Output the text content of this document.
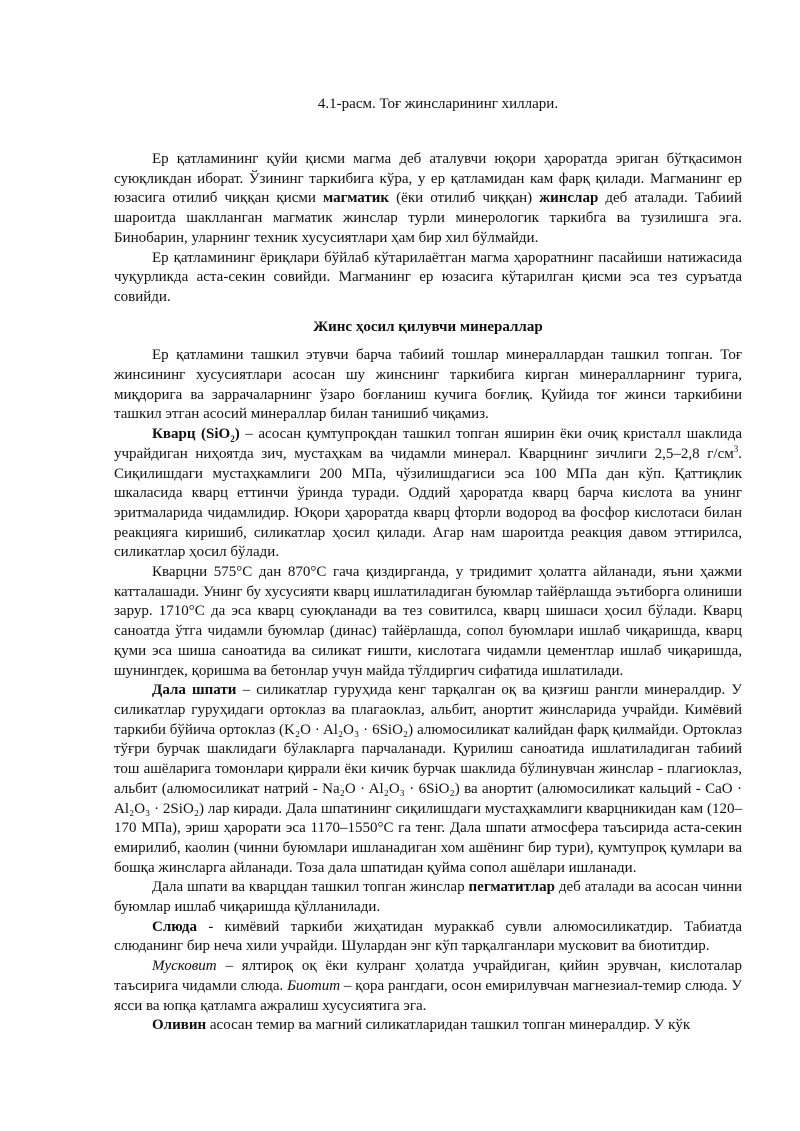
4.1-расм. Тоғ жинсларининг хиллари.

Ер қатламининг қуйи қисми магма деб аталувчи юқори ҳароратда эриган бўтқасимон суюқликдан иборат. Ўзининг таркибига кўра, у ер қатламидан кам фарқ қилади. Магманинг ер юзасига отилиб чиққан қисми магматик (ёки отилиб чиққан) жинслар деб аталади. Табиий шароитда шаклланган магматик жинслар турли минерологик таркибга ва тузилишга эга. Бинобарин, уларнинг техник хусусиятлари ҳам бир хил бўлмайди.

Ер қатламининг ёриқлари бўйлаб кўтарилаётган магма ҳароратнинг пасайиши натижасида чуқурликда аста-секин совийди. Магманинг ер юзасига кўтарилган қисми эса тез суръатда совийди.

Жинс ҳосил қилувчи минераллар

Ер қатламини ташкил этувчи барча табиий тошлар минераллардан ташкил топган. Тоғ жинсининг хусусиятлари асосан шу жинснинг таркибига кирган минералларнинг турига, миқдорига ва заррачаларнинг ўзаро боғланиш кучига боғлиқ. Қуйида тоғ жинси таркибини ташкил этган асосий минераллар билан танишиб чиқамиз.

Кварц (SiO$_2$) – асосан қумтупроқдан ташкил топган яширин ёки очиқ кристалл шаклида учрайдиган ниҳоятда зич, мустаҳкам ва чидамли минерал. Кварцнинг зичлиги 2,5–2,8 $г/см^3$. Сиқилишдаги мустаҳкамлиги 200 МПа, чўзилишдагиси эса 100 МПа дан кўп. Қаттиқлик шкаласида кварц еттинчи ўринда туради. Оддий ҳароратда кварц барча кислота ва унинг эритмаларида чидамлидир. Юқори ҳароратда кварц фторли водород ва фосфор кислотаси билан реакцияга киришиб, силикатлар ҳосил қилади. Агар нам шароитда реакция давом эттирилса, силикатлар ҳосил бўлади.

Кварцни 575°С дан 870°С гача қиздирганда, у тридимит ҳолатга айланади, яъни ҳажми катталашади. Унинг бу хусусияти кварц ишлатиладиган буюмлар тайёрлашда эътиборга олиниши зарур. 1710°С да эса кварц суюқланади ва тез совитилса, кварц шишаси ҳосил бўлади. Кварц саноатда ўтга чидамли буюмлар (динас) тайёрлашда, сопол буюмлари ишлаб чиқаришда, кварц қуми эса шиша саноатида ва силикат ғишти, кислотага чидамли цементлар ишлаб чиқаришда, шунингдек, қоришма ва бетонлар учун майда тўлдиргич сифатида ишлатилади.

Дала шпати – силикатлар гуруҳида кенг тарқалган оқ ва қизғиш рангли минералдир. У силикатлар гуруҳидаги ортоклаз ва плагаоклаз, альбит, анортит жинсларида учрайди. Кимёвий таркиби бўйича ортоклаз (K₂O · Al₂O₃ · 6SiO₂) алюмосиликат калийдан фарқ қилмайди. Ортоклаз тўғри бурчак шаклидаги бўлакларга парчаланади. Қурилиш саноатида ишлатиладиган табиий тош ашёларига томонлари қиррали ёки кичик бурчак шаклида бўлинувчан жинслар - плагиоклаз, альбит (алюмосиликат натрий - Na₂O · Al₂O₃ · 6SiO₂) ва анортит (алюмосиликат кальций - CaO · Al₂O₃ · 2SiO₂) лар киради. Дала шпатининг сиқилишдаги мустаҳкамлиги кварцникидан кам (120– 170 МПа), эриш ҳарорати эса 1170–1550°С га тенг. Дала шпати атмосфера таъсирида аста-секин емирилиб, каолин (чинни буюмлари ишланадиган хом ашёнинг бир тури), қумтупроқ қумлари ва бошқа жинсларга айланади. Тоза дала шпатидан қуйма сопол ашёлари ишланади.

Дала шпати ва кварцдан ташкил топган жинслар пегматитлар деб аталади ва асосан чинни буюмлар ишлаб чиқаришда қўлланилади.

Слюда - кимёвий таркиби жиҳатидан мураккаб сувли алюмосиликатдир. Табиатда слюданинг бир неча хили учрайди. Шулардан энг кўп тарқалганлари мусковит ва биотитдир.

Мусковит – ялтироқ оқ ёки кулранг ҳолатда учрайдиган, қийин эрувчан, кислоталар таъсирига чидамли слюда. Биотит – қора рангдаги, осон емирилувчан магнезиал-темир слюда. У ясси ва юпқа қатламга ажралиш хусусиятига эга.

Оливин асосан темир ва магний силикатларидан ташкил топган минералдир. У кўк
